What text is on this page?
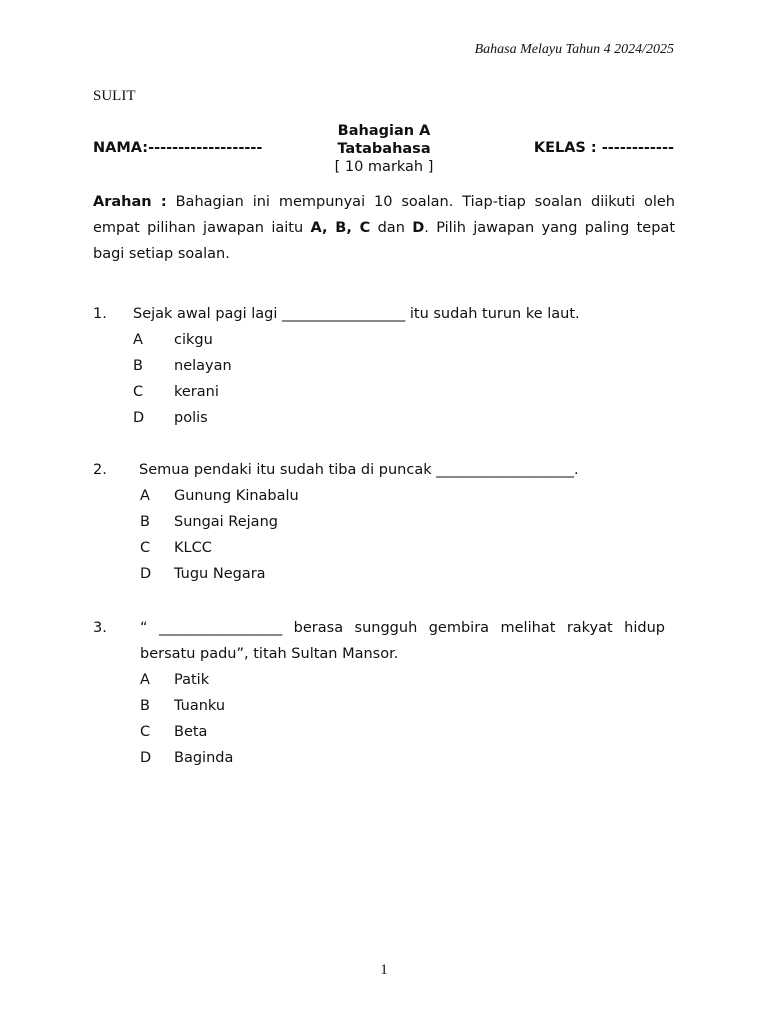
Bahasa Melayu Tahun 4 2024/2025
SULIT
Bahagian A
Tatabahasa
[ 10 markah ]
NAMA:-------------------	KELAS : ------------
Arahan : Bahagian ini mempunyai 10 soalan. Tiap-tiap soalan diikuti oleh empat pilihan jawapan iaitu A, B, C dan D. Pilih jawapan yang paling tepat bagi setiap soalan.
1. Sejak awal pagi lagi _________________ itu sudah turun ke laut.
A cikgu
B nelayan
C kerani
D polis
2. Semua pendaki itu sudah tiba di puncak ___________________.
A Gunung Kinabalu
B Sungai Rejang
C KLCC
D Tugu Negara
3. “ _________________ berasa sungguh gembira melihat rakyat hidup
bersatu padu”, titah Sultan Mansor.
A Patik
B Tuanku
C Beta
D Baginda
1
